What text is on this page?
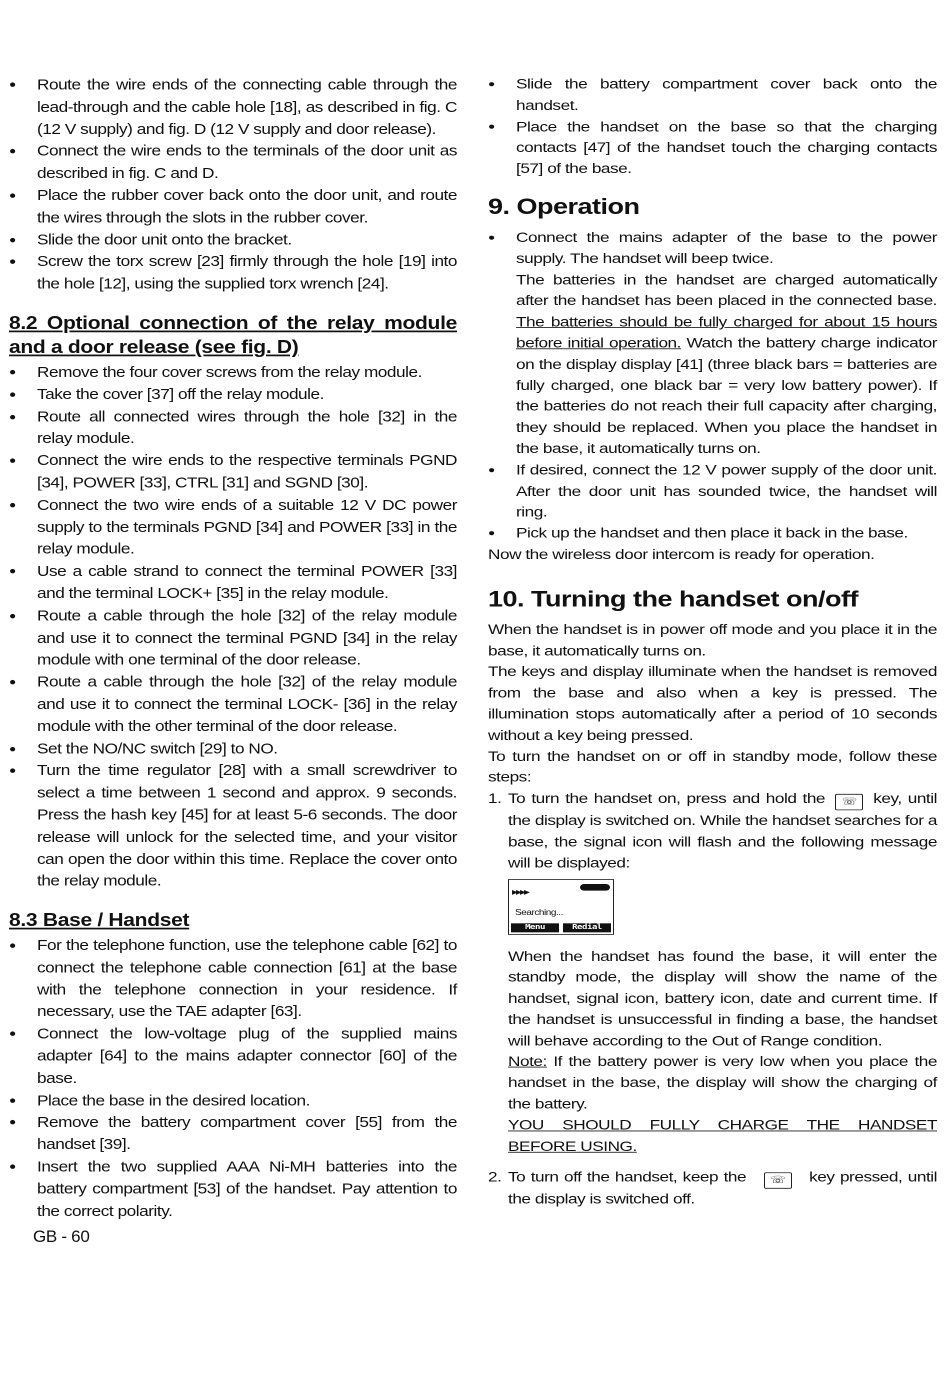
● Route the wire ends of the connecting cable through the lead-through and the cable hole [18], as described in fig. C (12 V supply) and fig. D (12 V supply and door release).
● Connect the wire ends to the terminals of the door unit as described in fig. C and D.
● Place the rubber cover back onto the door unit, and route the wires through the slots in the rubber cover.
● Slide the door unit onto the bracket.
● Screw the torx screw [23] firmly through the hole [19] into the hole [12], using the supplied torx wrench [24].
8.2 Optional connection of the relay module and a door release (see fig. D)
● Remove the four cover screws from the relay module.
● Take the cover [37] off the relay module.
● Route all connected wires through the hole [32] in the relay module.
● Connect the wire ends to the respective terminals PGND [34], POWER [33], CTRL [31] and SGND [30].
● Connect the two wire ends of a suitable 12 V DC power supply to the terminals PGND [34] and POWER [33] in the relay module.
● Use a cable strand to connect the terminal POWER [33] and the terminal LOCK+ [35] in the relay module.
● Route a cable through the hole [32] of the relay module and use it to connect the terminal PGND [34] in the relay module with one terminal of the door release.
● Route a cable through the hole [32] of the relay module and use it to connect the terminal LOCK- [36] in the relay module with the other terminal of the door release.
● Set the NO/NC switch [29] to NO.
● Turn the time regulator [28] with a small screwdriver to select a time between 1 second and approx. 9 seconds. Press the hash key [45] for at least 5-6 seconds. The door release will unlock for the selected time, and your visitor can open the door within this time. Replace the cover onto the relay module.
8.3 Base / Handset
● For the telephone function, use the telephone cable [62] to connect the telephone cable connection [61] at the base with the telephone connection in your residence. If necessary, use the TAE adapter [63].
● Connect the low-voltage plug of the supplied mains adapter [64] to the mains adapter connector [60] of the base.
● Place the base in the desired location.
● Remove the battery compartment cover [55] from the handset [39].
● Insert the two supplied AAA Ni-MH batteries into the battery compartment [53] of the handset. Pay attention to the correct polarity.
● Slide the battery compartment cover back onto the handset.
● Place the handset on the base so that the charging contacts [47] of the handset touch the charging contacts [57] of the base.
9. Operation
● Connect the mains adapter of the base to the power supply. The handset will beep twice.
The batteries in the handset are charged automatically after the handset has been placed in the connected base. The batteries should be fully charged for about 15 hours before initial operation. Watch the battery charge indicator on the display display [41] (three black bars = batteries are fully charged, one black bar = very low battery power). If the batteries do not reach their full capacity after charging, they should be replaced. When you place the handset in the base, it automatically turns on.
● If desired, connect the 12 V power supply of the door unit. After the door unit has sounded twice, the handset will ring.
● Pick up the handset and then place it back in the base.

Now the wireless door intercom is ready for operation.

10. Turning the handset on/off

When the handset is in power off mode and you place it in the base, it automatically turns on.

The keys and display illuminate when the handset is removed from the base and also when a key is pressed. The illumination stops automatically after a period of 10 seconds without a key being pressed.

To turn the handset on or off in standby mode, follow these steps:

1. To turn the handset on, press and hold the ☏ key, until the display is switched on. While the handset searches for a base, the signal icon will flash and the following message will be displayed:
▶▶▶▶
Searching...
Menu	Redial
When the handset has found the base, it will enter the standby mode, the display will show the name of the handset, signal icon, battery icon, date and current time. If the handset is unsuccessful in finding a base, the handset will behave according to the Out of Range condition.
Note: If the battery power is very low when you place the handset in the base, the display will show the charging of the battery.
YOU SHOULD FULLY CHARGE THE HANDSET BEFORE USING.
2. To turn off the handset, keep the ☏ key pressed, until the display is switched off.
GB - 60
